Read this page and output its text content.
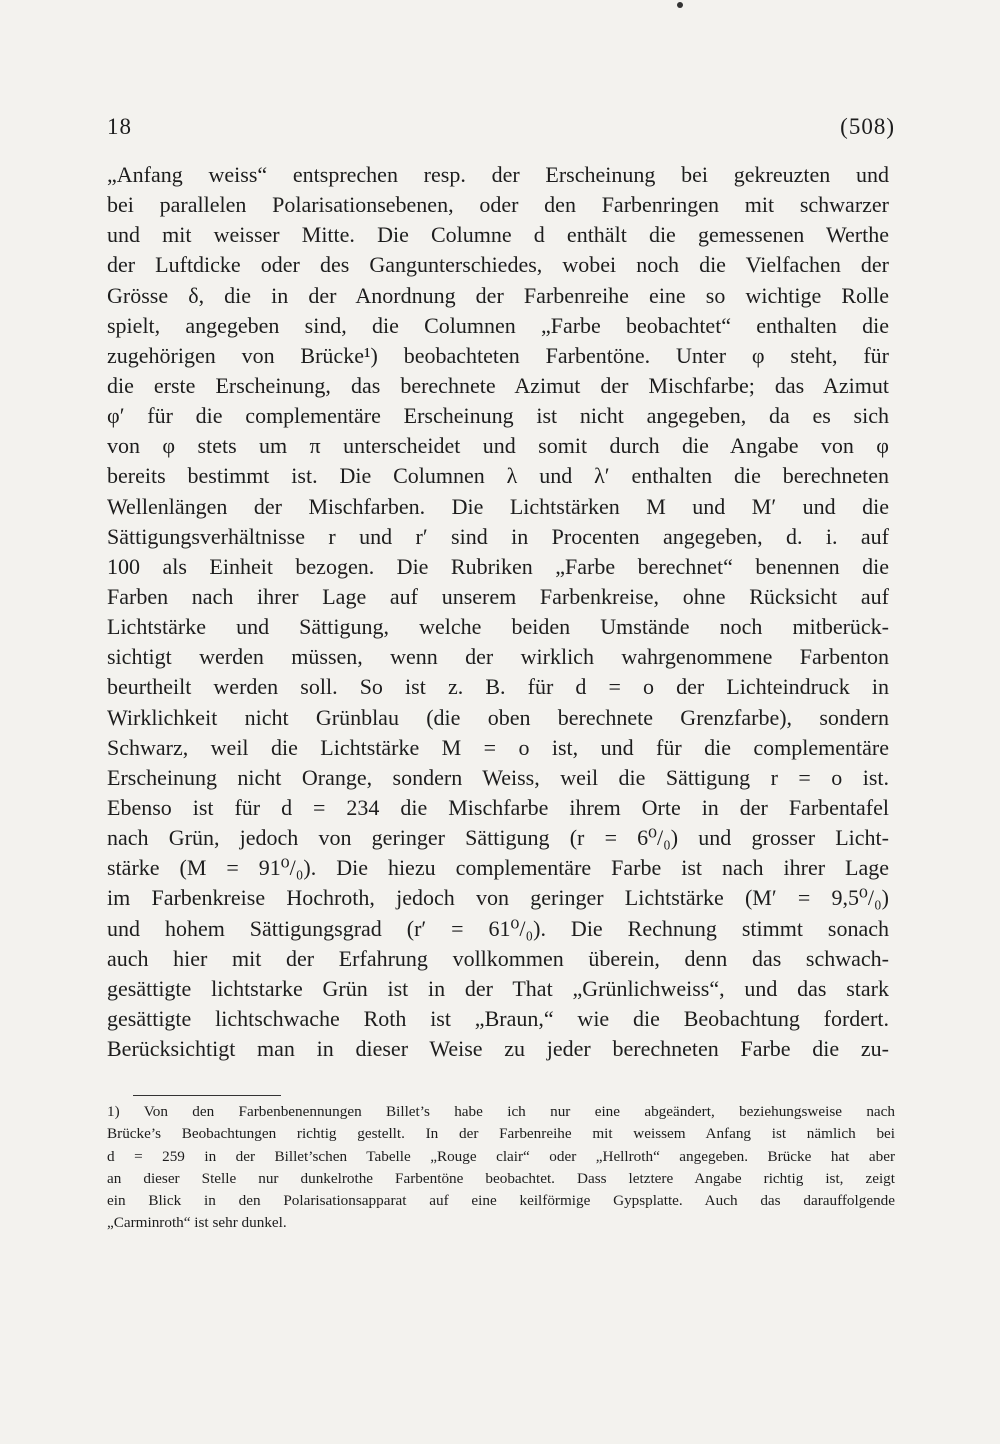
18	(508)
„Anfang weiss“ entsprechen resp. der Erscheinung bei gekreuzten und
bei parallelen Polarisationsebenen, oder den Farbenringen mit schwarzer
und mit weisser Mitte. Die Columne d enthält die gemessenen Werthe
der Luftdicke oder des Gangunterschiedes, wobei noch die Vielfachen der
Grösse δ, die in der Anordnung der Farbenreihe eine so wichtige Rolle
spielt, angegeben sind, die Columnen „Farbe beobachtet“ enthalten die
zugehörigen von Brücke¹) beobachteten Farbentöne. Unter φ steht, für
die erste Erscheinung, das berechnete Azimut der Mischfarbe; das Azimut
φ′ für die complementäre Erscheinung ist nicht angegeben, da es sich
von φ stets um π unterscheidet und somit durch die Angabe von φ
bereits bestimmt ist. Die Columnen λ und λ′ enthalten die berechneten
Wellenlängen der Mischfarben. Die Lichtstärken M und M′ und die
Sättigungsverhältnisse r und r′ sind in Procenten angegeben, d. i. auf
100 als Einheit bezogen. Die Rubriken „Farbe berechnet“ benennen die
Farben nach ihrer Lage auf unserem Farbenkreise, ohne Rücksicht auf
Lichtstärke und Sättigung, welche beiden Umstände noch mitberück-
sichtigt werden müssen, wenn der wirklich wahrgenommene Farbenton
beurtheilt werden soll. So ist z. B. für d = o der Lichteindruck in
Wirklichkeit nicht Grünblau (die oben berechnete Grenzfarbe), sondern
Schwarz, weil die Lichtstärke M = o ist, und für die complementäre
Erscheinung nicht Orange, sondern Weiss, weil die Sättigung r = o ist.
Ebenso ist für d = 234 die Mischfarbe ihrem Orte in der Farbentafel
nach Grün, jedoch von geringer Sättigung (r = 6⁰/₀) und grosser Licht-
stärke (M = 91⁰/₀). Die hiezu complementäre Farbe ist nach ihrer Lage
im Farbenkreise Hochroth, jedoch von geringer Lichtstärke (M′ = 9,5⁰/₀)
und hohem Sättigungsgrad (r′ = 61⁰/₀). Die Rechnung stimmt sonach
auch hier mit der Erfahrung vollkommen überein, denn das schwach-
gesättigte lichtstarke Grün ist in der That „Grünlichweiss“, und das stark
gesättigte lichtschwache Roth ist „Braun,“ wie die Beobachtung fordert.
Berücksichtigt man in dieser Weise zu jeder berechneten Farbe die zu-
1) Von den Farbenbenennungen Billet’s habe ich nur eine abgeändert, beziehungsweise nach
Brücke’s Beobachtungen richtig gestellt. In der Farbenreihe mit weissem Anfang ist nämlich bei
d = 259 in der Billet’schen Tabelle „Rouge clair“ oder „Hellroth“ angegeben. Brücke hat aber
an dieser Stelle nur dunkelrothe Farbentöne beobachtet. Dass letztere Angabe richtig ist, zeigt
ein Blick in den Polarisationsapparat auf eine keilförmige Gypsplatte. Auch das darauffolgende
„Carminroth“ ist sehr dunkel.
